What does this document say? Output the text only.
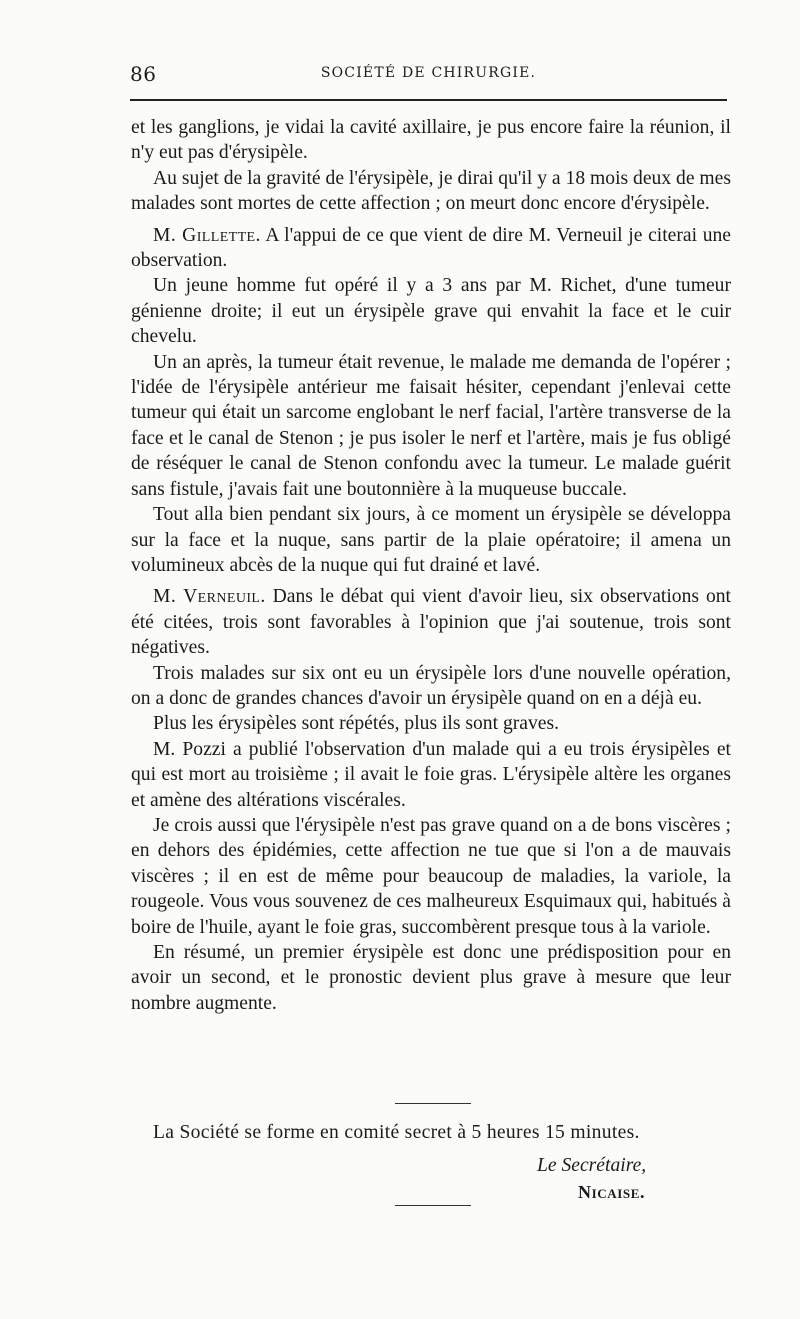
86	SOCIÉTÉ DE CHIRURGIE.

et les ganglions, je vidai la cavité axillaire, je pus encore faire la réunion, il n'y eut pas d'érysipèle.

Au sujet de la gravité de l'érysipèle, je dirai qu'il y a 18 mois deux de mes malades sont mortes de cette affection ; on meurt donc encore d'érysipèle.

M. Gillette. A l'appui de ce que vient de dire M. Verneuil je citerai une observation.

Un jeune homme fut opéré il y a 3 ans par M. Richet, d'une tumeur génienne droite; il eut un érysipèle grave qui envahit la face et le cuir chevelu.

Un an après, la tumeur était revenue, le malade me demanda de l'opérer ; l'idée de l'érysipèle antérieur me faisait hésiter, cependant j'enlevai cette tumeur qui était un sarcome englobant le nerf facial, l'artère transverse de la face et le canal de Stenon ; je pus isoler le nerf et l'artère, mais je fus obligé de réséquer le canal de Stenon confondu avec la tumeur. Le malade guérit sans fistule, j'avais fait une boutonnière à la muqueuse buccale.

Tout alla bien pendant six jours, à ce moment un érysipèle se développa sur la face et la nuque, sans partir de la plaie opératoire; il amena un volumineux abcès de la nuque qui fut drainé et lavé.

M. Verneuil. Dans le débat qui vient d'avoir lieu, six observations ont été citées, trois sont favorables à l'opinion que j'ai soutenue, trois sont négatives.

Trois malades sur six ont eu un érysipèle lors d'une nouvelle opération, on a donc de grandes chances d'avoir un érysipèle quand on en a déjà eu.

Plus les érysipèles sont répétés, plus ils sont graves.

M. Pozzi a publié l'observation d'un malade qui a eu trois érysipèles et qui est mort au troisième ; il avait le foie gras. L'érysipèle altère les organes et amène des altérations viscérales.

Je crois aussi que l'érysipèle n'est pas grave quand on a de bons viscères ; en dehors des épidémies, cette affection ne tue que si l'on a de mauvais viscères ; il en est de même pour beaucoup de maladies, la variole, la rougeole. Vous vous souvenez de ces malheureux Esquimaux qui, habitués à boire de l'huile, ayant le foie gras, succombèrent presque tous à la variole.

En résumé, un premier érysipèle est donc une prédisposition pour en avoir un second, et le pronostic devient plus grave à mesure que leur nombre augmente.

La Société se forme en comité secret à 5 heures 15 minutes.
Le Secrétaire,
Nicaise.
